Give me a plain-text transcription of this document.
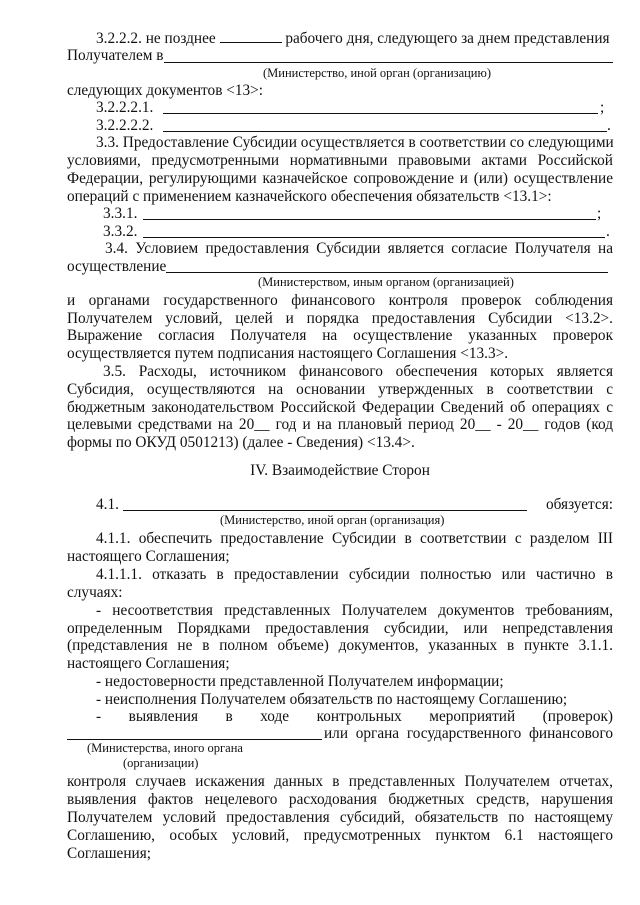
3.2.2.2. не позднее	рабочего дня, следующего за днем представления
Получателем в
(Министерство, иной орган (организацию)
следующих документов <13>:
3.2.2.2.1.	;
3.2.2.2.2.	.
3.3. Предоставление Субсидии осуществляется в соответствии со следующими
условиями, предусмотренными нормативными правовыми актами Российской
Федерации, регулирующими казначейское сопровождение и (или) осуществление
операций с применением казначейского обеспечения обязательств <13.1>:
3.3.1.	;
3.3.2.	.
3.4. Условием предоставления Субсидии является согласие Получателя на
осуществление
(Министерством, иным органом (организацией)
и органами государственного финансового контроля проверок соблюдения
Получателем условий, целей и порядка предоставления Субсидии <13.2>.
Выражение согласия Получателя на осуществление указанных проверок
осуществляется путем подписания настоящего Соглашения <13.3>.
3.5. Расходы, источником финансового обеспечения которых является
Субсидия, осуществляются на основании утвержденных в соответствии с
бюджетным законодательством Российской Федерации Сведений об операциях с
целевыми средствами на 20__ год и на плановый период 20__ - 20__ годов (код
формы по ОКУД 0501213) (далее - Сведения) <13.4>.
IV. Взаимодействие Сторон
4.1.	обязуется:
(Министерство, иной орган (организация)
4.1.1. обеспечить предоставление Субсидии в соответствии с разделом III
настоящего Соглашения;
4.1.1.1. отказать в предоставлении субсидии полностью или частично в
случаях:
- несоответствия представленных Получателем документов требованиям,
определенным Порядками предоставления субсидии, или непредставления
(представления не в полном объеме) документов, указанных в пункте 3.1.1.
настоящего Соглашения;
- недостоверности представленной Получателем информации;
- неисполнения Получателем обязательств по настоящему Соглашению;
- выявления в ходе контрольных мероприятий (проверок)
или органа государственного финансового
(Министерства, иного органа
(организации)
контроля случаев искажения данных в представленных Получателем отчетах,
выявления фактов нецелевого расходования бюджетных средств, нарушения
Получателем условий предоставления субсидий, обязательств по настоящему
Соглашению, особых условий, предусмотренных пунктом 6.1 настоящего
Соглашения;
